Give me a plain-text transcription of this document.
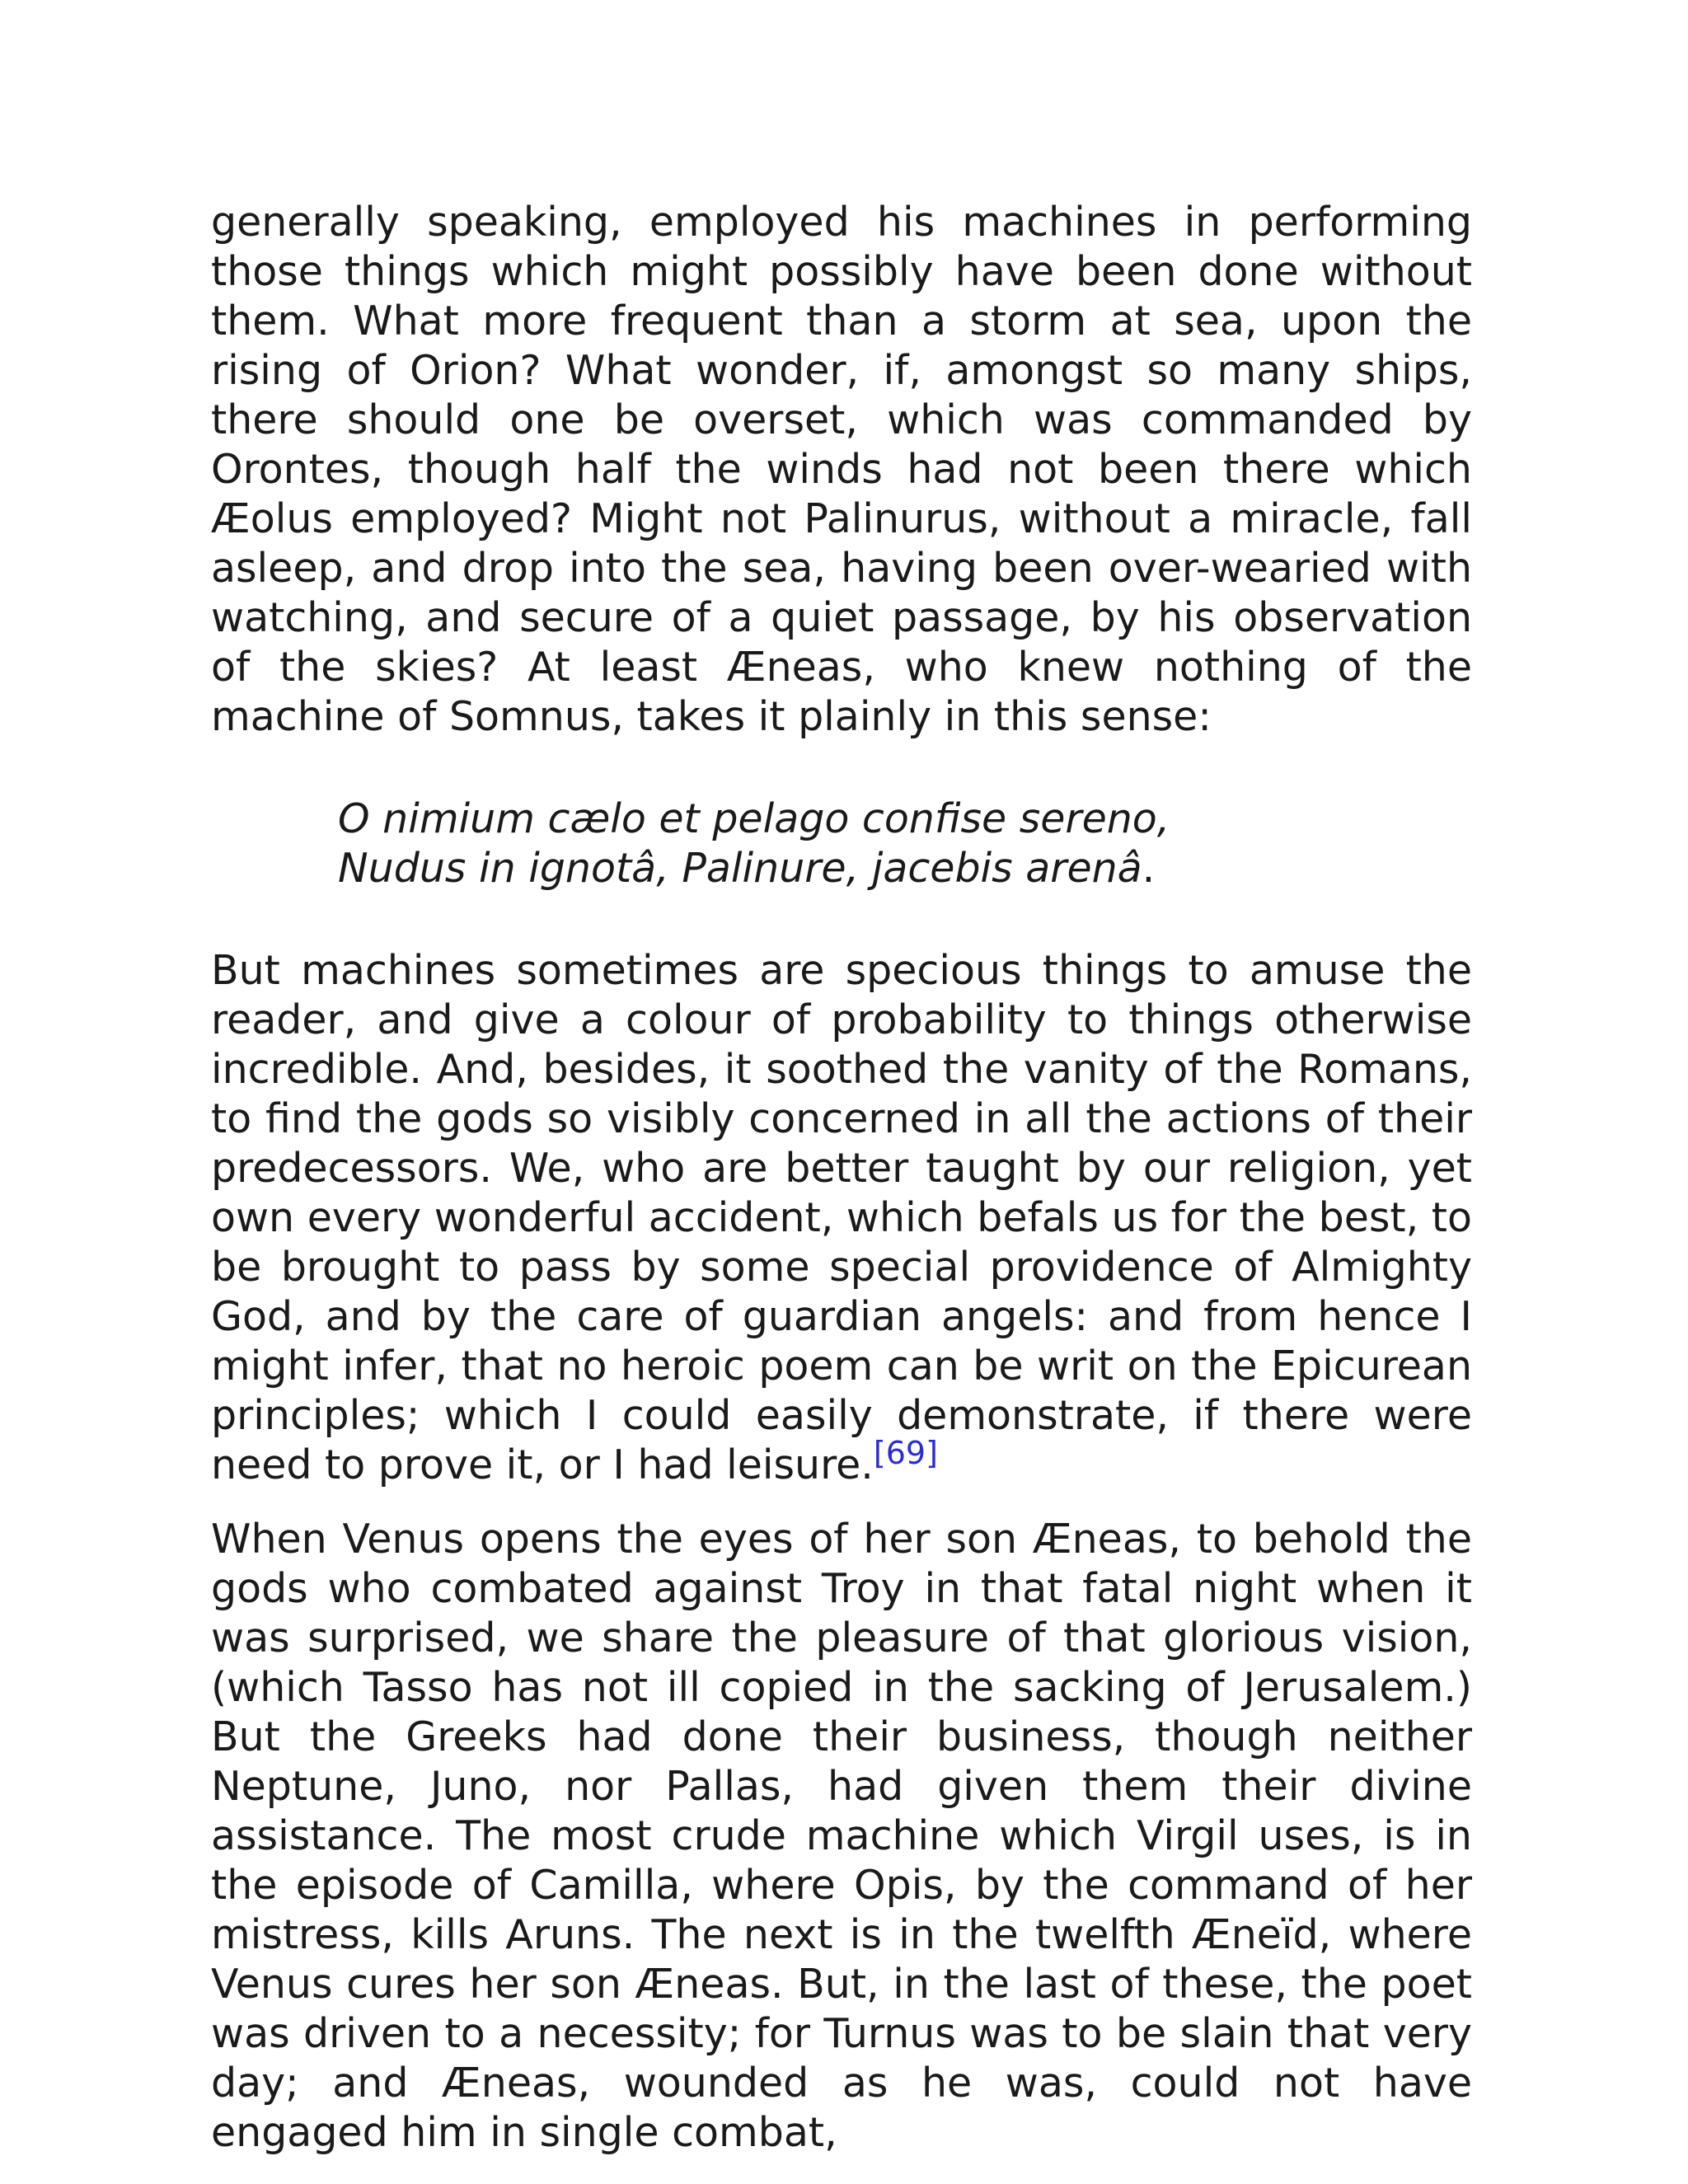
generally speaking, employed his machines in performing those things which might possibly have been done without them. What more frequent than a storm at sea, upon the rising of Orion? What wonder, if, amongst so many ships, there should one be overset, which was commanded by Orontes, though half the winds had not been there which Æolus employed? Might not Palinurus, without a miracle, fall asleep, and drop into the sea, having been over-wearied with watching, and secure of a quiet passage, by his observation of the skies? At least Æneas, who knew nothing of the machine of Somnus, takes it plainly in this sense:

O nimium cælo et pelago confise sereno,
Nudus in ignotâ, Palinure, jacebis arenâ.

But machines sometimes are specious things to amuse the reader, and give a colour of probability to things otherwise incredible. And, besides, it soothed the vanity of the Romans, to find the gods so visibly concerned in all the actions of their predecessors. We, who are better taught by our religion, yet own every wonderful accident, which befals us for the best, to be brought to pass by some special providence of Almighty God, and by the care of guardian angels: and from hence I might infer, that no heroic poem can be writ on the Epicurean principles; which I could easily demonstrate, if there were need to prove it, or I had leisure.[69]

When Venus opens the eyes of her son Æneas, to behold the gods who combated against Troy in that fatal night when it was surprised, we share the pleasure of that glorious vision, (which Tasso has not ill copied in the sacking of Jerusalem.) But the Greeks had done their business, though neither Neptune, Juno, nor Pallas, had given them their divine assistance. The most crude machine which Virgil uses, is in the episode of Camilla, where Opis, by the command of her mistress, kills Aruns. The next is in the twelfth Æneïd, where Venus cures her son Æneas. But, in the last of these, the poet was driven to a necessity; for Turnus was to be slain that very day; and Æneas, wounded as he was, could not have engaged him in single combat,
